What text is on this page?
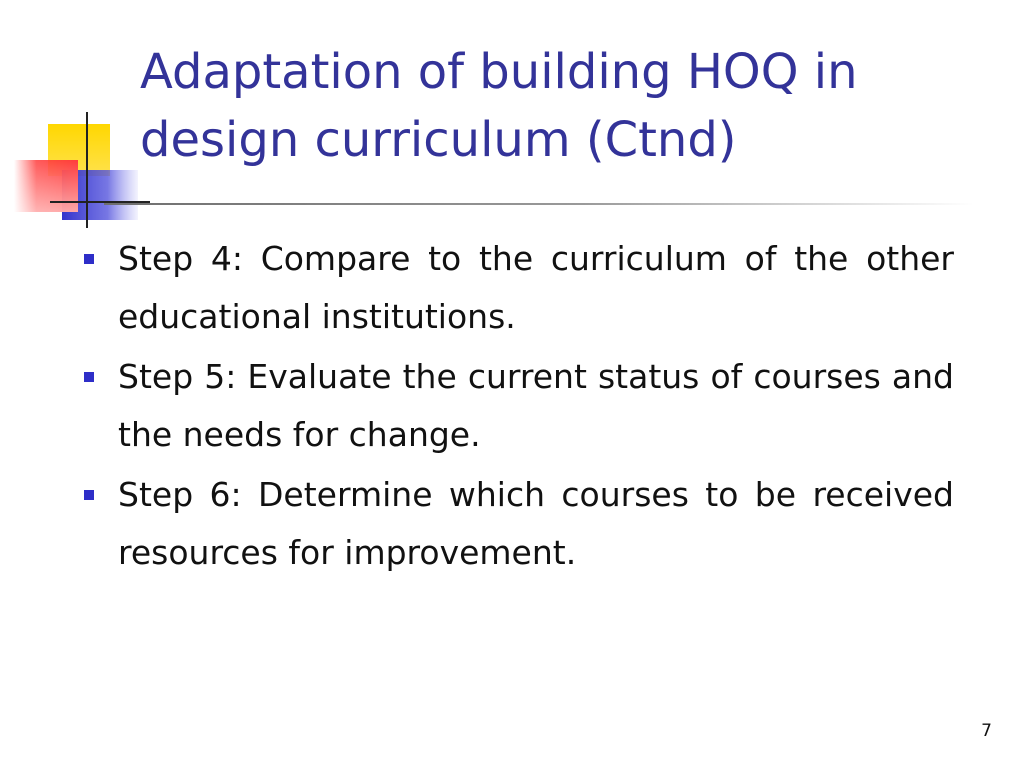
Adaptation of building HOQ in design curriculum (Ctnd)
Step 4: Compare to the curriculum of the other educational institutions.
Step 5: Evaluate the current status of courses and the needs for change.
Step 6: Determine which courses to be received resources for improvement.
7
